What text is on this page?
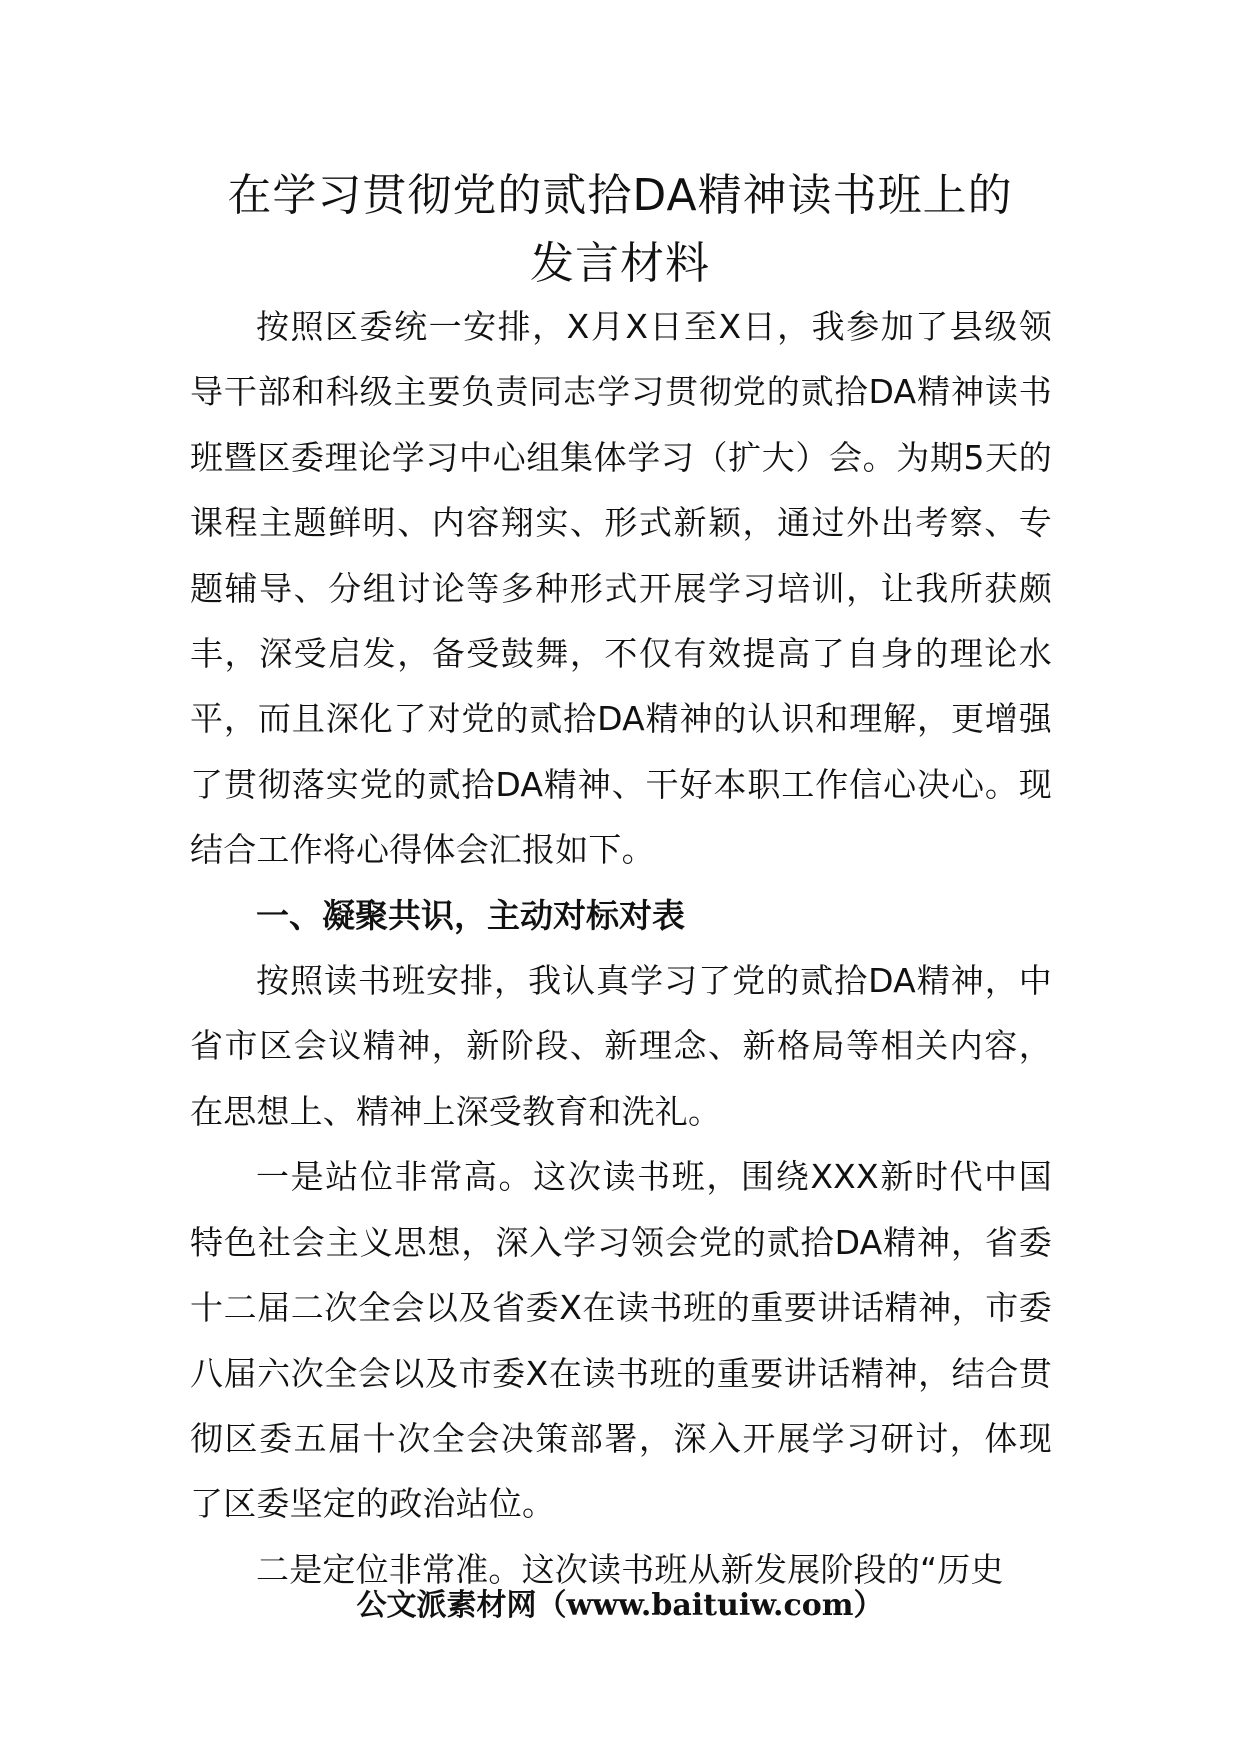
在学习贯彻党的贰拾DA精神读书班上的
发言材料

按照区委统一安排，X月X日至X日，我参加了县级领导干部和科级主要负责同志学习贯彻党的贰拾DA精神读书班暨区委理论学习中心组集体学习（扩大）会。为期5天的课程主题鲜明、内容翔实、形式新颖，通过外出考察、专题辅导、分组讨论等多种形式开展学习培训，让我所获颇丰，深受启发，备受鼓舞，不仅有效提高了自身的理论水平，而且深化了对党的贰拾DA精神的认识和理解，更增强了贯彻落实党的贰拾DA精神、干好本职工作信心决心。现结合工作将心得体会汇报如下。

一、凝聚共识，主动对标对表

按照读书班安排，我认真学习了党的贰拾DA精神，中省市区会议精神，新阶段、新理念、新格局等相关内容，在思想上、精神上深受教育和洗礼。

一是站位非常高。这次读书班，围绕XXX新时代中国特色社会主义思想，深入学习领会党的贰拾DA精神，省委十二届二次全会以及省委X在读书班的重要讲话精神，市委八届六次全会以及市委X在读书班的重要讲话精神，结合贯彻区委五届十次全会决策部署，深入开展学习研讨，体现了区委坚定的政治站位。

二是定位非常准。这次读书班从新发展阶段的“历史

公文派素材网（www.baituiw.com）
